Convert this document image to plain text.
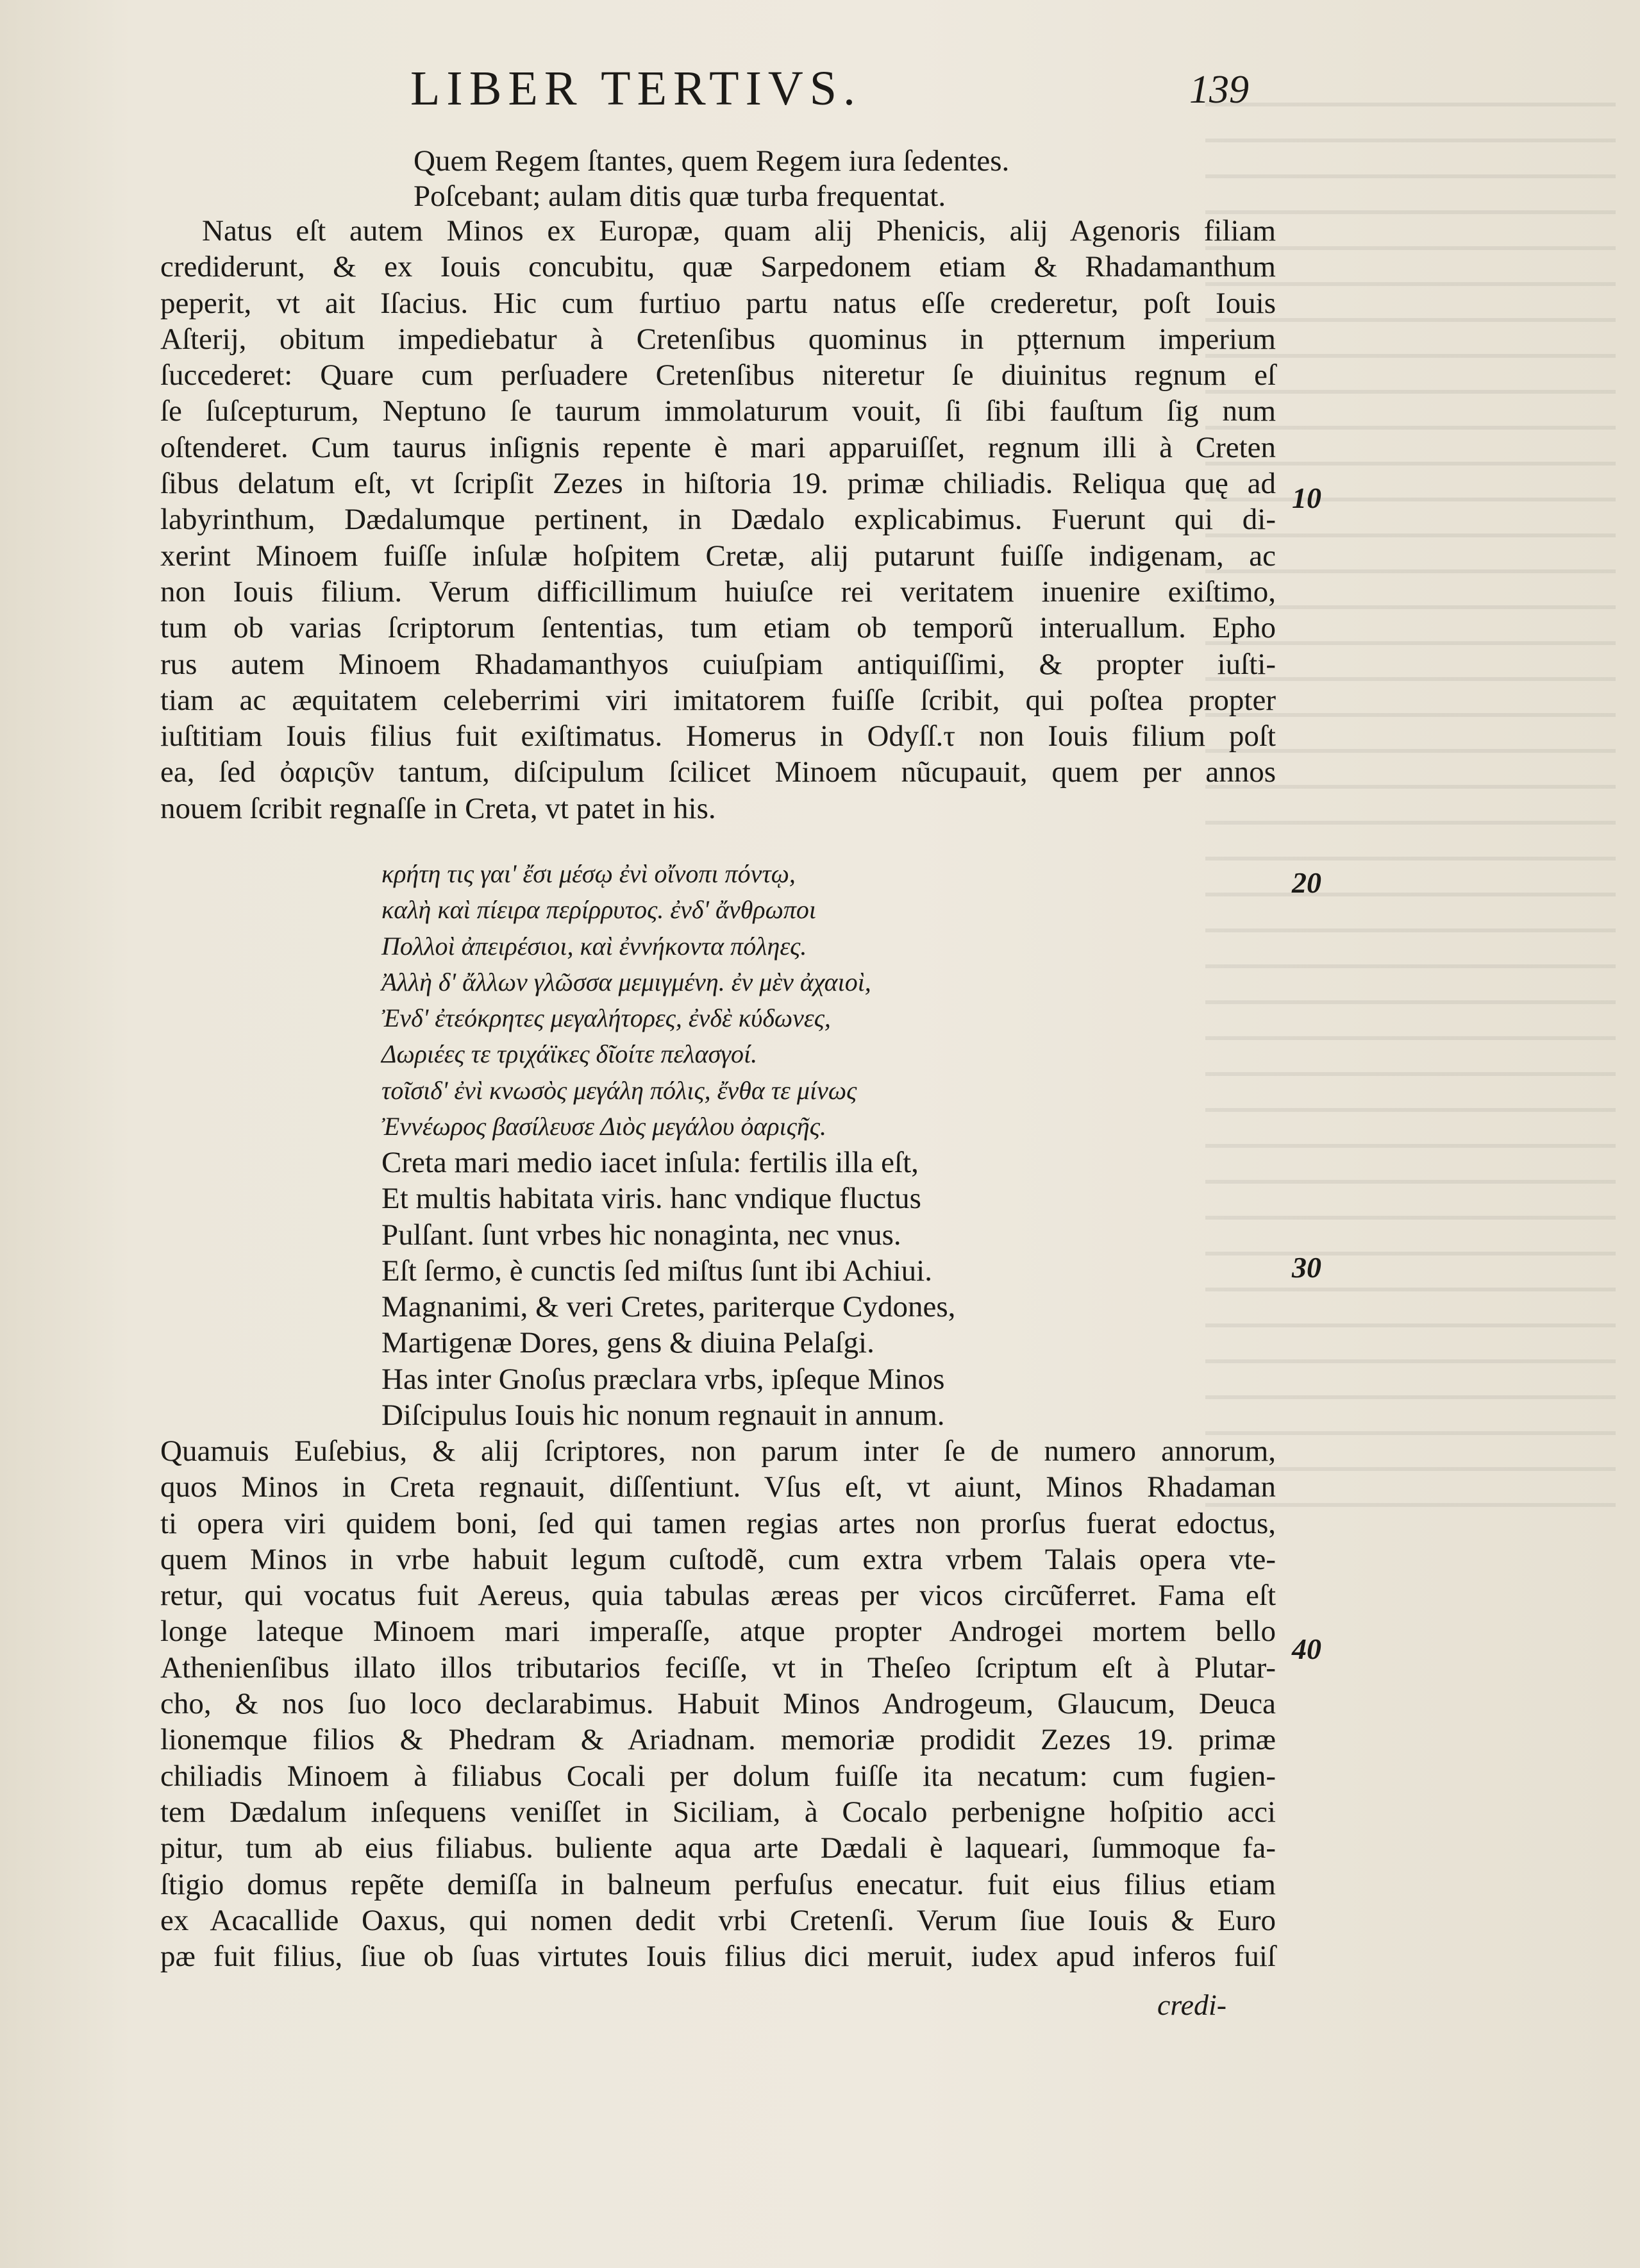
LIBER TERTIVS.	139
Quem Regem ſtantes, quem Regem iura ſedentes.
Poſcebant; aulam ditis quæ turba frequentat.
Natus eſt autem Minos ex Europæ, quam alij Phenicis, alij Agenoris filiam
crediderunt, & ex Iouis concubitu, quæ Sarpedonem etiam & Rhadamanthum
peperit, vt ait Iſacius. Hic cum furtiuo partu natus eſſe crederetur, poſt Iouis
Aſterij, obitum impediebatur à Cretenſibus quominus in pțternum imperium
ſuccederet: Quare cum perſuadere Cretenſibus niteretur ſe diuinitus regnum eſ
ſe ſuſcepturum, Neptuno ſe taurum immolaturum vouit, ſi ſibi fauſtum ſig num
oſtenderet. Cum taurus inſignis repente è mari apparuiſſet, regnum illi à Creten
ſibus delatum eſt, vt ſcripſit Zezes in hiſtoria 19. primæ chiliadis. Reliqua quę ad
labyrinthum, Dædalumque pertinent, in Dædalo explicabimus. Fuerunt qui di-
xerint Minoem fuiſſe inſulæ hoſpitem Cretæ, alij putarunt fuiſſe indigenam, ac
non Iouis filium. Verum difficillimum huiuſce rei veritatem inuenire exiſtimo,
tum ob varias ſcriptorum ſententias, tum etiam ob temporũ interuallum. Epho
rus autem Minoem Rhadamanthyos cuiuſpiam antiquiſſimi, & propter iuſti-
tiam ac æquitatem celeberrimi viri imitatorem fuiſſe ſcribit, qui poſtea propter
iuſtitiam Iouis filius fuit exiſtimatus. Homerus in Odyſſ.τ non Iouis filium poſt
ea, ſed ὀαριςῦν tantum, diſcipulum ſcilicet Minoem nũcupauit, quem per annos
nouem ſcribit regnaſſe in Creta, vt patet in his.
κρήτη τις γαι' ἔσι μέσῳ ἐνὶ οἴνοπι πόντῳ,
καλὴ καὶ πίειρα περίρρυτος. ἐνδ' ἄνθρωποι
Πολλοὶ ἀπειρέσιοι, καὶ ἐννήκοντα πόληες.
Ἀλλὴ δ' ἄλλων γλῶσσα μεμιγμένη. ἐν μὲν ἀχαιοὶ,
Ἐνδ' ἐτεόκρητες μεγαλήτορες, ἐνδὲ κύδωνες,
Δωριέες τε τριχάϊκες δῖοίτε πελασγοί.
τοῖσιδ' ἐνὶ κνωσὸς μεγάλη πόλις, ἔνθα τε μίνως
Ἐννέωρος βασίλευσε Διὸς μεγάλου ὀαριςῆς.
Creta mari medio iacet inſula: fertilis illa eſt,
Et multis habitata viris. hanc vndique fluctus
Pulſant. ſunt vrbes hic nonaginta, nec vnus.
Eſt ſermo, è cunctis ſed miſtus ſunt ibi Achiui.
Magnanimi, & veri Cretes, pariterque Cydones,
Martigenæ Dores, gens & diuina Pelaſgi.
Has inter Gnoſus præclara vrbs, ipſeque Minos
Diſcipulus Iouis hic nonum regnauit in annum.
Quamuis Euſebius, & alij ſcriptores, non parum inter ſe de numero annorum,
quos Minos in Creta regnauit, diſſentiunt. Vſus eſt, vt aiunt, Minos Rhadaman
ti opera viri quidem boni, ſed qui tamen regias artes non prorſus fuerat edoctus,
quem Minos in vrbe habuit legum cuſtodẽ, cum extra vrbem Talais opera vte-
retur, qui vocatus fuit Aereus, quia tabulas æreas per vicos circũferret. Fama eſt
longe lateque Minoem mari imperaſſe, atque propter Androgei mortem bello
Athenienſibus illato illos tributarios feciſſe, vt in Theſeo ſcriptum eſt à Plutar-
cho, & nos ſuo loco declarabimus. Habuit Minos Androgeum, Glaucum, Deuca
lionemque filios & Phedram & Ariadnam. memoriæ prodidit Zezes 19. primæ
chiliadis Minoem à filiabus Cocali per dolum fuiſſe ita necatum: cum fugien-
tem Dædalum inſequens veniſſet in Siciliam, à Cocalo perbenigne hoſpitio acci
pitur, tum ab eius filiabus. buliente aqua arte Dædali è laqueari, ſummoque fa-
ſtigio domus repẽte demiſſa in balneum perfuſus enecatur. fuit eius filius etiam
ex Acacallide Oaxus, qui nomen dedit vrbi Cretenſi. Verum ſiue Iouis & Euro
pæ fuit filius, ſiue ob ſuas virtutes Iouis filius dici meruit, iudex apud inferos fuiſ
credi-
10
20
30
40
